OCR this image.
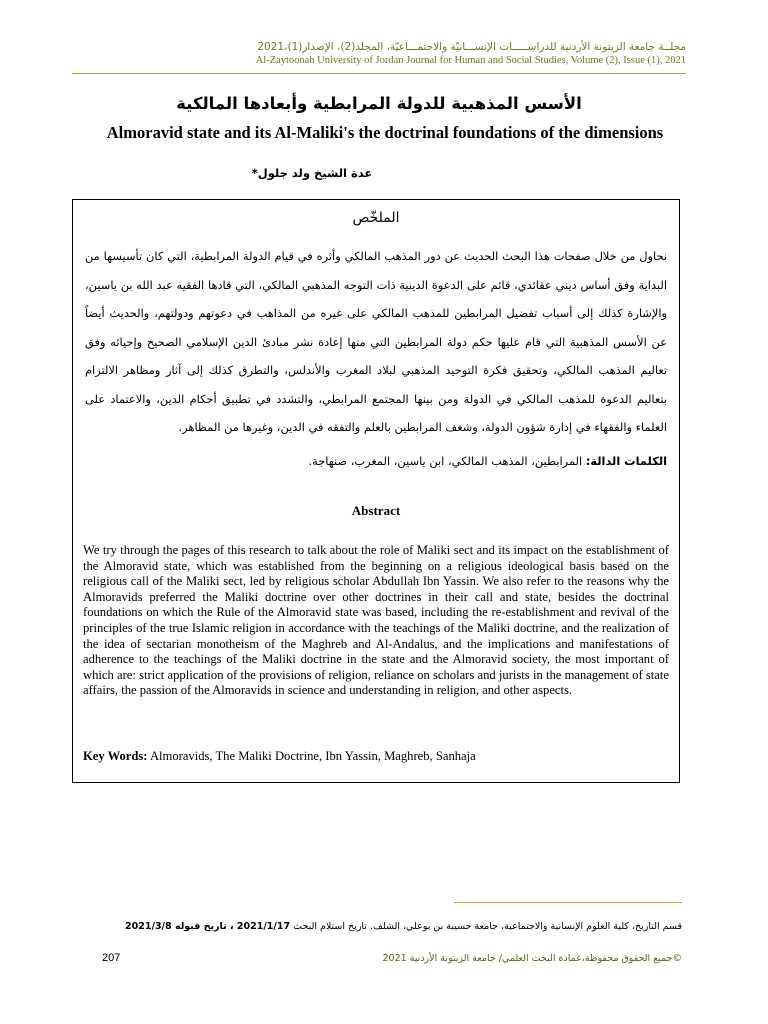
مجلــة جامعة الزيتونة الأردنية للدراســـــات الإنســـانيّة والاجتمـــاعيّة، المجلد(2)، الإصدار(1)،2021
Al-Zaytoonah University of Jordan Journal for Human and Social Studies, Volume (2), Issue (1), 2021
الأسس المذهبية للدولة المرابطية وأبعادها المالكية
Almoravid state and its Al-Maliki's the doctrinal foundations of the dimensions
عدة الشيخ ولد جلول*
الملخّص

نحاول من خلال صفحات هذا البحث الحديث عن دور المذهب المالكي وأثره في قيام الدولة المرابطية، التي كان تأسيسها من البداية وفق أساس ديني عقائدي، قائم على الدعوة الدينية ذات التوجه المذهبي المالكي، التي قادها الفقيه عبد الله بن ياسين، والإشارة كذلك إلى أسباب تفضيل المرابطين للمذهب المالكي على غيره من المذاهب في دعوتهم ودولتهم، والحديث أيضاً عن الأسس المذهبية التي قام عليها حكم دولة المرابطين التي منها إعادة نشر مبادئ الدين الإسلامي الصحيح وإحيائه وفق تعاليم المذهب المالكي، وتحقيق فكرة التوحيد المذهبي لبلاد المغرب والأندلس، والتطرق كذلك إلى آثار ومظاهر الالتزام بتعاليم الدعوة للمذهب المالكي في الدولة ومن بينها المجتمع المرابطي، والتشدد في تطبيق أحكام الدين، والاعتماد على العلماء والفقهاء في إدارة شؤون الدولة، وشغف المرابطين بالعلم والتفقه في الدين، وغيرها من المظاهر.

الكلمات الدالة: المرابطين، المذهب المالكي، ابن ياسين، المغرب، صنهاجة.

Abstract

We try through the pages of this research to talk about the role of Maliki sect and its impact on the establishment of the Almoravid state, which was established from the beginning on a religious ideological basis based on the religious call of the Maliki sect, led by religious scholar Abdullah Ibn Yassin. We also refer to the reasons why the Almoravids preferred the Maliki doctrine over other doctrines in their call and state, besides the doctrinal foundations on which the Rule of the Almoravid state was based, including the re-establishment and revival of the principles of the true Islamic religion in accordance with the teachings of the Maliki doctrine, and the realization of the idea of sectarian monotheism of the Maghreb and Al-Andalus, and the implications and manifestations of adherence to the teachings of the Maliki doctrine in the state and the Almoravid society, the most important of which are: strict application of the provisions of religion, reliance on scholars and jurists in the management of state affairs, the passion of the Almoravids in science and understanding in religion, and other aspects.

Key Words: Almoravids, The Maliki Doctrine, Ibn Yassin, Maghreb, Sanhaja

قسم التاريخ، كلية العلوم الإنسانية والاجتماعية، جامعة حسيبة بن بوعلي، الشلف. تاريخ استلام البحث 2021/1/17 ، تاريخ قبوله 2021/3/8
207	©جميع الحقوق محفوظة،عمادة البحث العلمي/ جامعة الزيتونة الأردنية 2021
